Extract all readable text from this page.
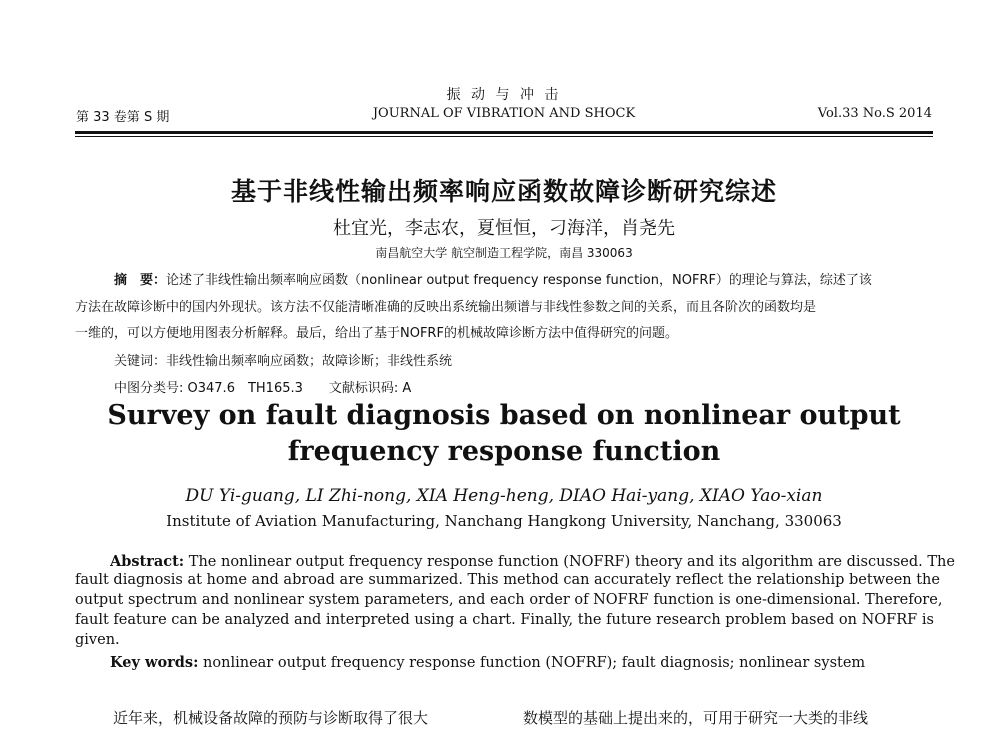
振 动 与 冲 击
第 33 卷第 S 期	JOURNAL OF VIBRATION AND SHOCK	Vol.33 No.S 2014
基于非线性输出频率响应函数故障诊断研究综述
杜宜光，李志农，夏恒恒，刁海洋，肖尧先
南昌航空大学 航空制造工程学院，南昌 330063
摘　要：论述了非线性输出频率响应函数（nonlinear output frequency response function，NOFRF）的理论与算法，综述了该
方法在故障诊断中的国内外现状。该方法不仅能清晰准确的反映出系统输出频谱与非线性参数之间的关系，而且各阶次的函数均是
一维的，可以方便地用图表分析解释。最后，给出了基于NOFRF的机械故障诊断方法中值得研究的问题。
关键词：非线性输出频率响应函数；故障诊断；非线性系统
中图分类号: O347.6　TH165.3　　文献标识码: A
Survey on fault diagnosis based on nonlinear output
frequency response function
DU Yi-guang, LI Zhi-nong, XIA Heng-heng, DIAO Hai-yang, XIAO Yao-xian
Institute of Aviation Manufacturing, Nanchang Hangkong University, Nanchang, 330063
Abstract: The nonlinear output frequency response function (NOFRF) theory and its algorithm are discussed. The
fault diagnosis at home and abroad are summarized. This method can accurately reflect the relationship between the
output spectrum and nonlinear system parameters, and each order of NOFRF function is one-dimensional. Therefore,
fault feature can be analyzed and interpreted using a chart. Finally, the future research problem based on NOFRF is
given.
Key words: nonlinear output frequency response function (NOFRF); fault diagnosis; nonlinear system
近年来，机械设备故障的预防与诊断取得了很大	数模型的基础上提出来的，可用于研究一大类的非线
